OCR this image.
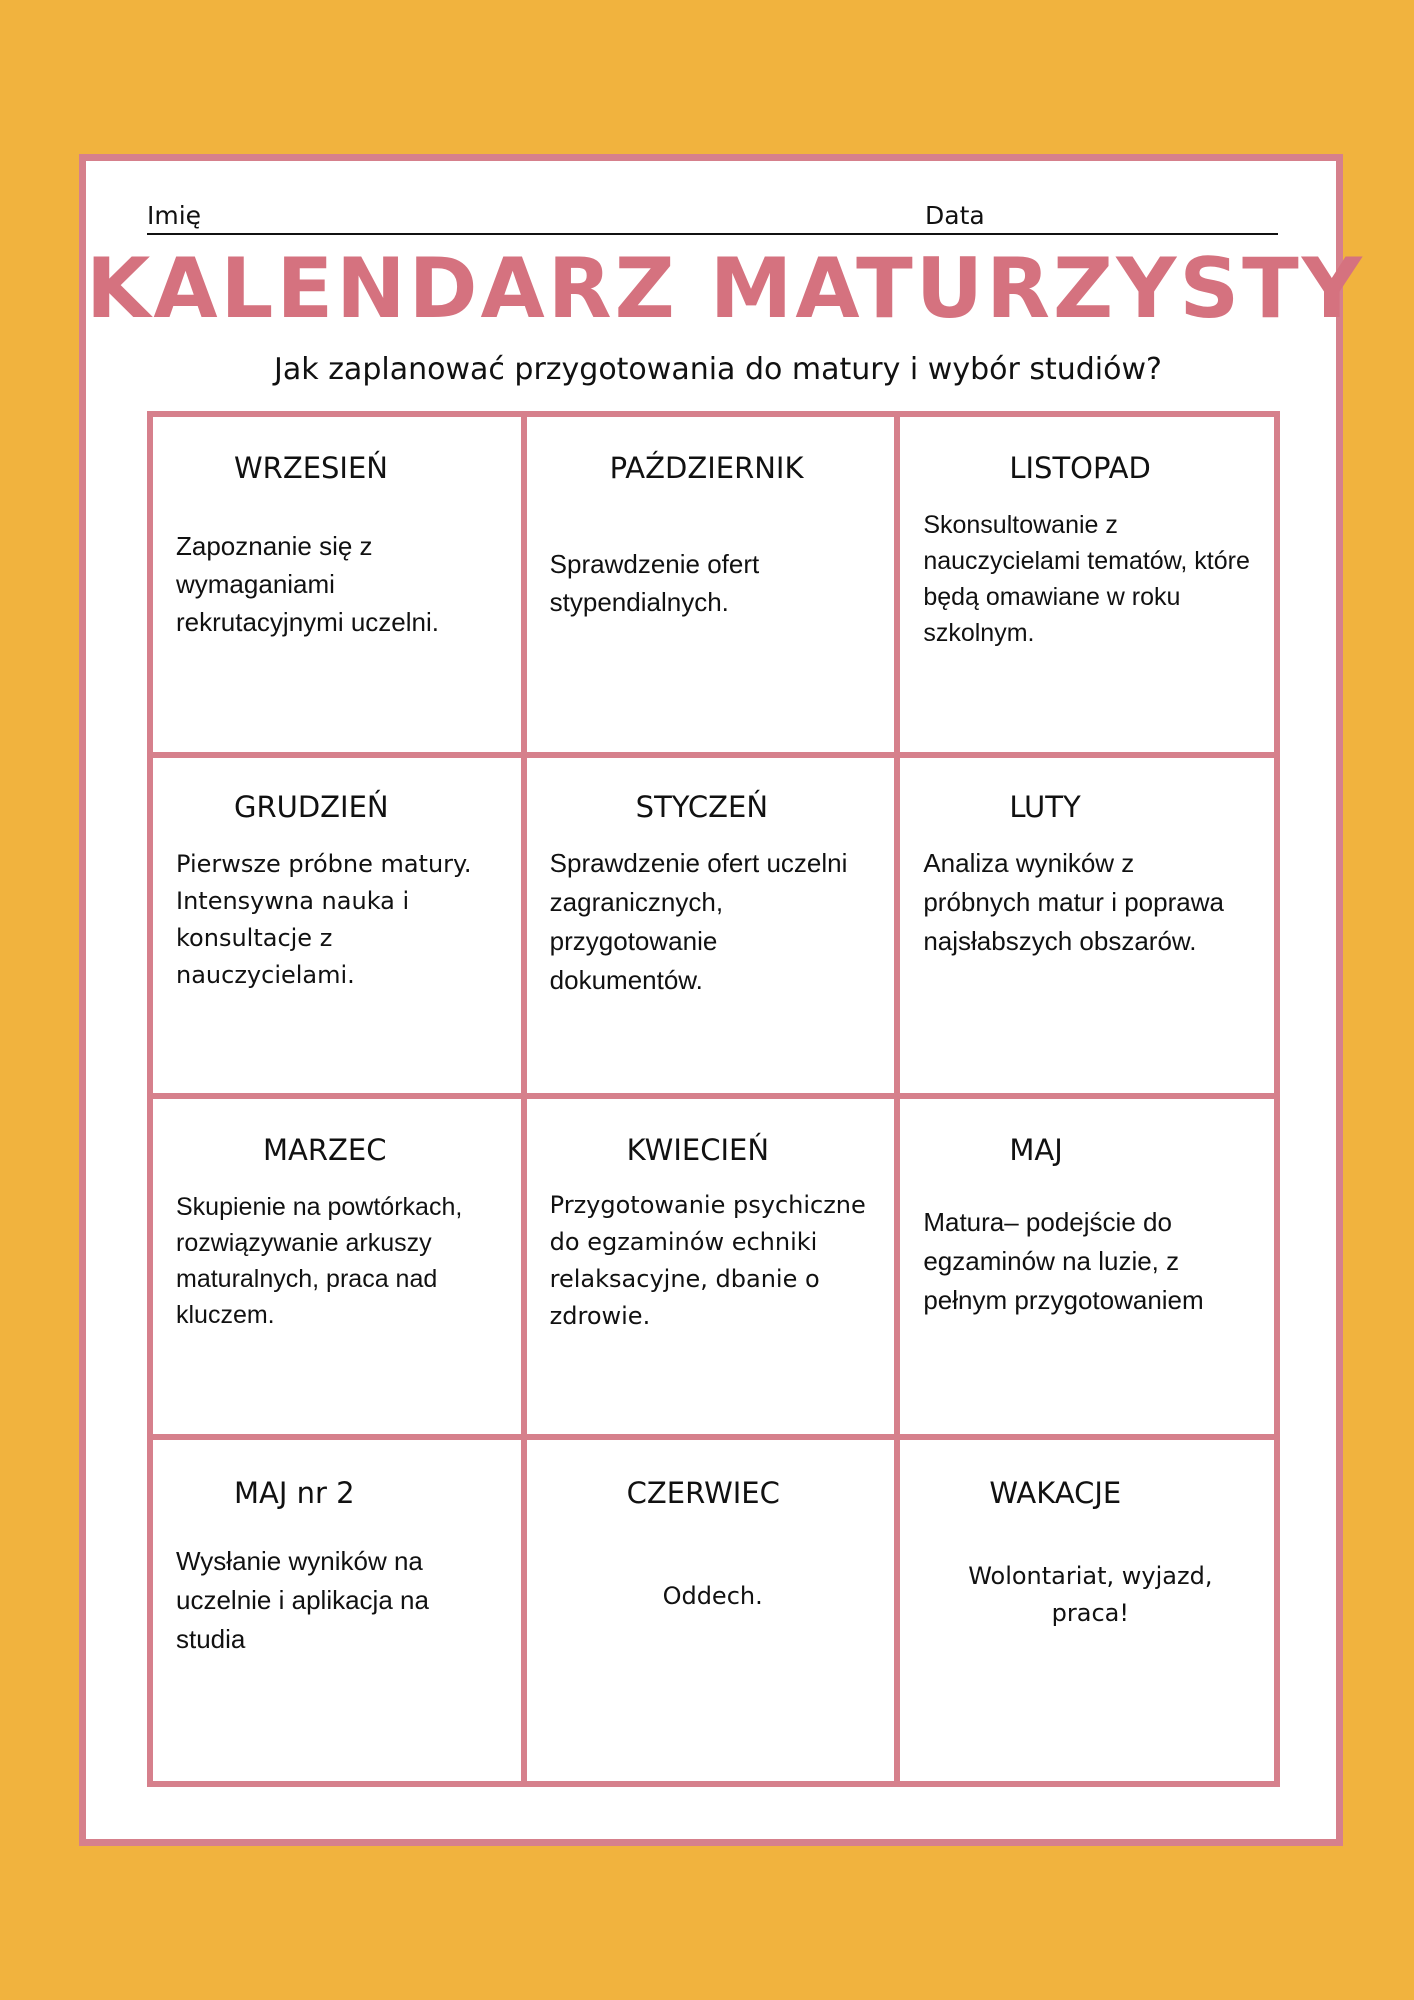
Imię	Data
KALENDARZ MATURZYSTY
Jak zaplanować przygotowania do matury i wybór studiów?
WRZESIEŃ
Zapoznanie się z wymaganiami rekrutacyjnymi uczelni.
PAŹDZIERNIK
Sprawdzenie ofert stypendialnych.
LISTOPAD
Skonsultowanie z nauczycielami tematów, które będą omawiane w roku szkolnym.
GRUDZIEŃ
Pierwsze próbne matury. Intensywna nauka i konsultacje z nauczycielami.
STYCZEŃ
Sprawdzenie ofert uczelni zagranicznych, przygotowanie dokumentów.
LUTY
Analiza wyników z próbnych matur i poprawa najsłabszych obszarów.
MARZEC
Skupienie na powtórkach, rozwiązywanie arkuszy maturalnych, praca nad kluczem.
KWIECIEŃ
Przygotowanie psychiczne do egzaminów echniki relaksacyjne, dbanie o zdrowie.
MAJ
Matura– podejście do egzaminów na luzie, z pełnym przygotowaniem
MAJ nr 2
Wysłanie wyników na uczelnie i aplikacja na studia
CZERWIEC
Oddech.
WAKACJE
Wolontariat, wyjazd, praca!
